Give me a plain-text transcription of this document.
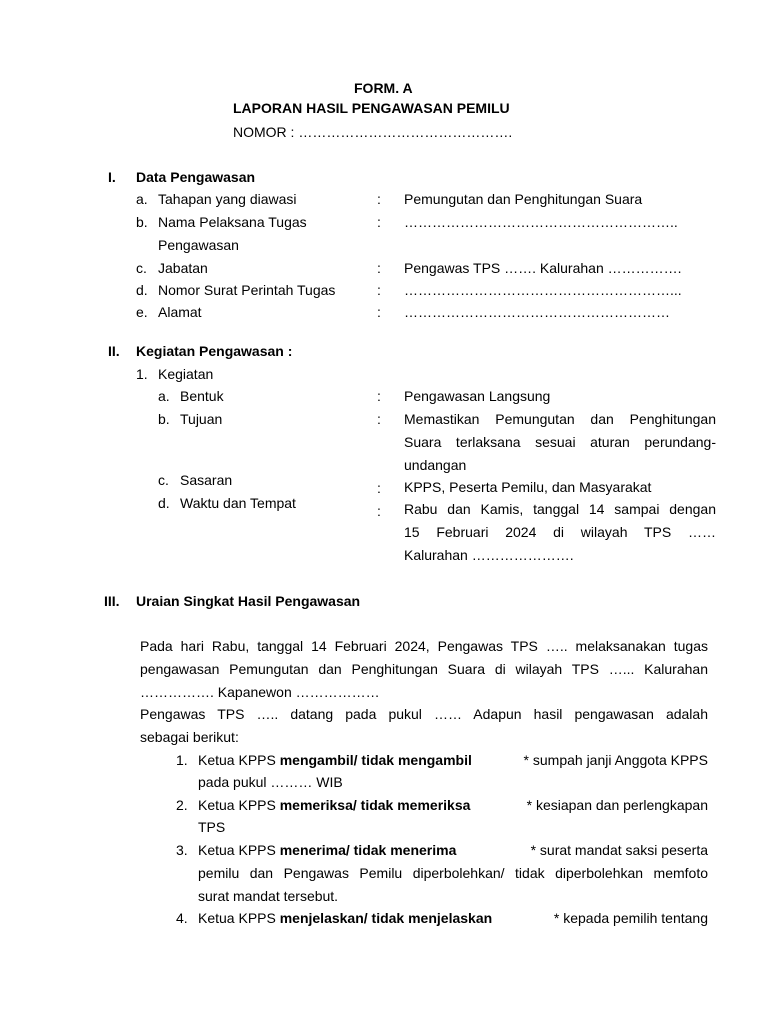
FORM. A
LAPORAN HASIL PENGAWASAN PEMILU
NOMOR : ……………………………………….
I. Data Pengawasan
a. Tahapan yang diawasi	: Pemungutan dan Penghitungan Suara
b. Nama Pelaksana Tugas
Pengawasan
: …………………………………………………..
c. Jabatan	: Pengawas TPS ……. Kalurahan …………….
d. Nomor Surat Perintah Tugas	: …………………………………………………...
e. Alamat	: …………………………………………………
II. Kegiatan Pengawasan :
1. Kegiatan
a. Bentuk	: Pengawasan Langsung
b. Tujuan	: Memastikan Pemungutan dan Penghitungan
Suara terlaksana sesuai aturan perundang-
undangan
c. Sasaran	: KPPS, Peserta Pemilu, dan Masyarakat
d. Waktu dan Tempat	: Rabu dan Kamis, tanggal 14 sampai dengan
15 Februari 2024 di wilayah TPS ……
Kalurahan ………………….
III. Uraian Singkat Hasil Pengawasan
Pada hari Rabu, tanggal 14 Februari 2024, Pengawas TPS ….. melaksanakan tugas
pengawasan Pemungutan dan Penghitungan Suara di wilayah TPS …... Kalurahan
……………. Kapanewon ………………
Pengawas TPS ….. datang pada pukul …… Adapun hasil pengawasan adalah
sebagai berikut:
1. Ketua KPPS mengambil/ tidak mengambil	* sumpah janji Anggota KPPS
pada pukul ……… WIB
2. Ketua KPPS memeriksa/ tidak memeriksa	* kesiapan dan perlengkapan
TPS
3. Ketua KPPS menerima/ tidak menerima	* surat mandat saksi peserta
pemilu dan Pengawas Pemilu diperbolehkan/ tidak diperbolehkan memfoto
surat mandat tersebut.
4. Ketua KPPS menjelaskan/ tidak menjelaskan	* kepada pemilih tentang
